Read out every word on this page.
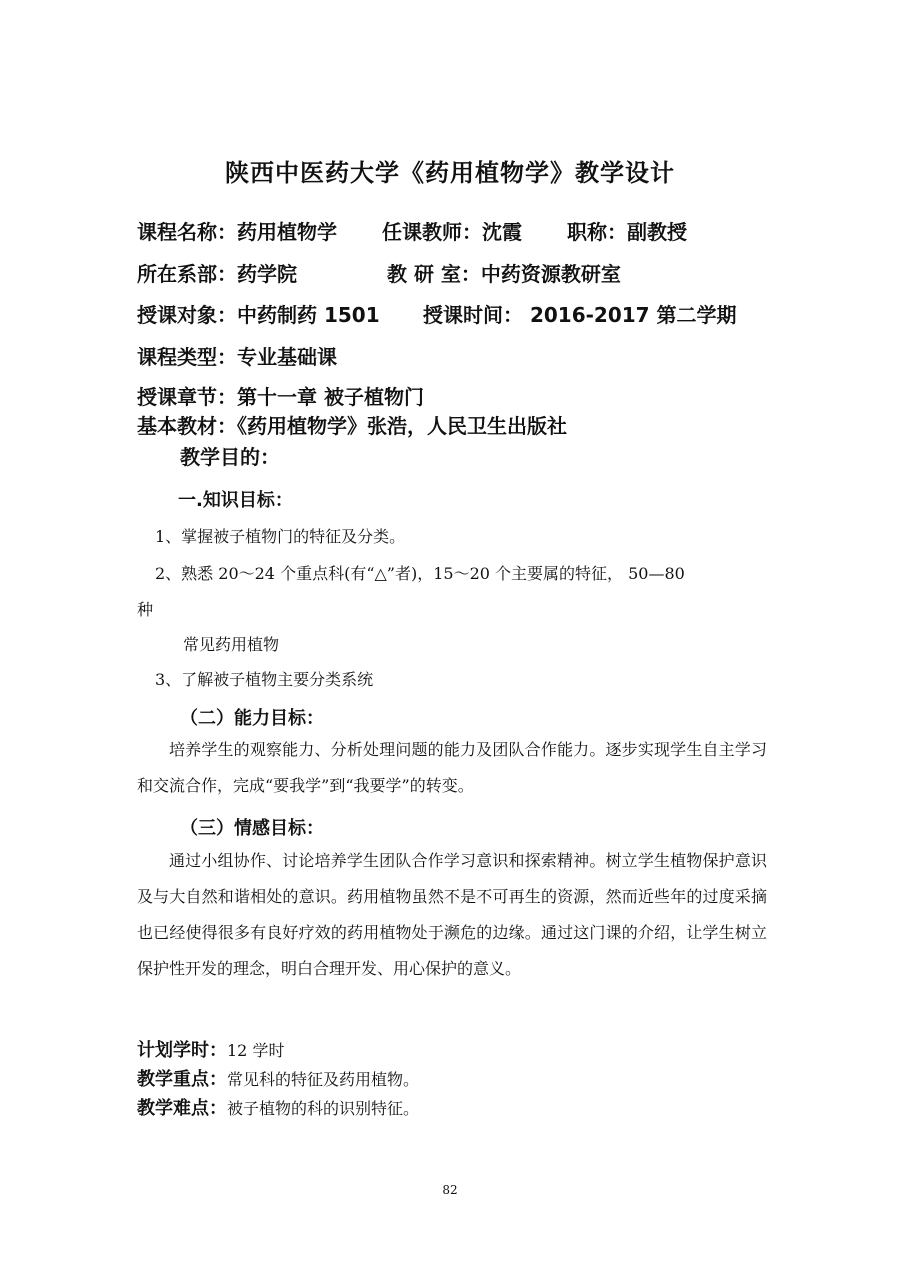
陕西中医药大学《药用植物学》教学设计
课程名称：药用植物学 任课教师：沈霞 职称：副教授
所在系部：药学院	教 研 室：中药资源教研室
授课对象：中药制药 1501 授课时间： 2016-2017 第二学期
课程类型：专业基础课
授课章节：第十一章 被子植物门
基本教材：《药用植物学》张浩，人民卫生出版社
教学目的：
一.知识目标：
1、掌握被子植物门的特征及分类。
2、熟悉 20～24 个重点科(有“△”者)，15～20 个主要属的特征， 50—80
种
常见药用植物
3、了解被子植物主要分类系统
（二）能力目标：
培养学生的观察能力、分析处理问题的能力及团队合作能力。逐步实现学生自主学习和交流合作，完成“要我学”到“我要学”的转变。
（三）情感目标：
通过小组协作、讨论培养学生团队合作学习意识和探索精神。树立学生植物保护意识及与大自然和谐相处的意识。药用植物虽然不是不可再生的资源，然而近些年的过度采摘也已经使得很多有良好疗效的药用植物处于濒危的边缘。通过这门课的介绍，让学生树立保护性开发的理念，明白合理开发、用心保护的意义。
计划学时：12 学时
教学重点：常见科的特征及药用植物。
教学难点：被子植物的科的识别特征。
82
